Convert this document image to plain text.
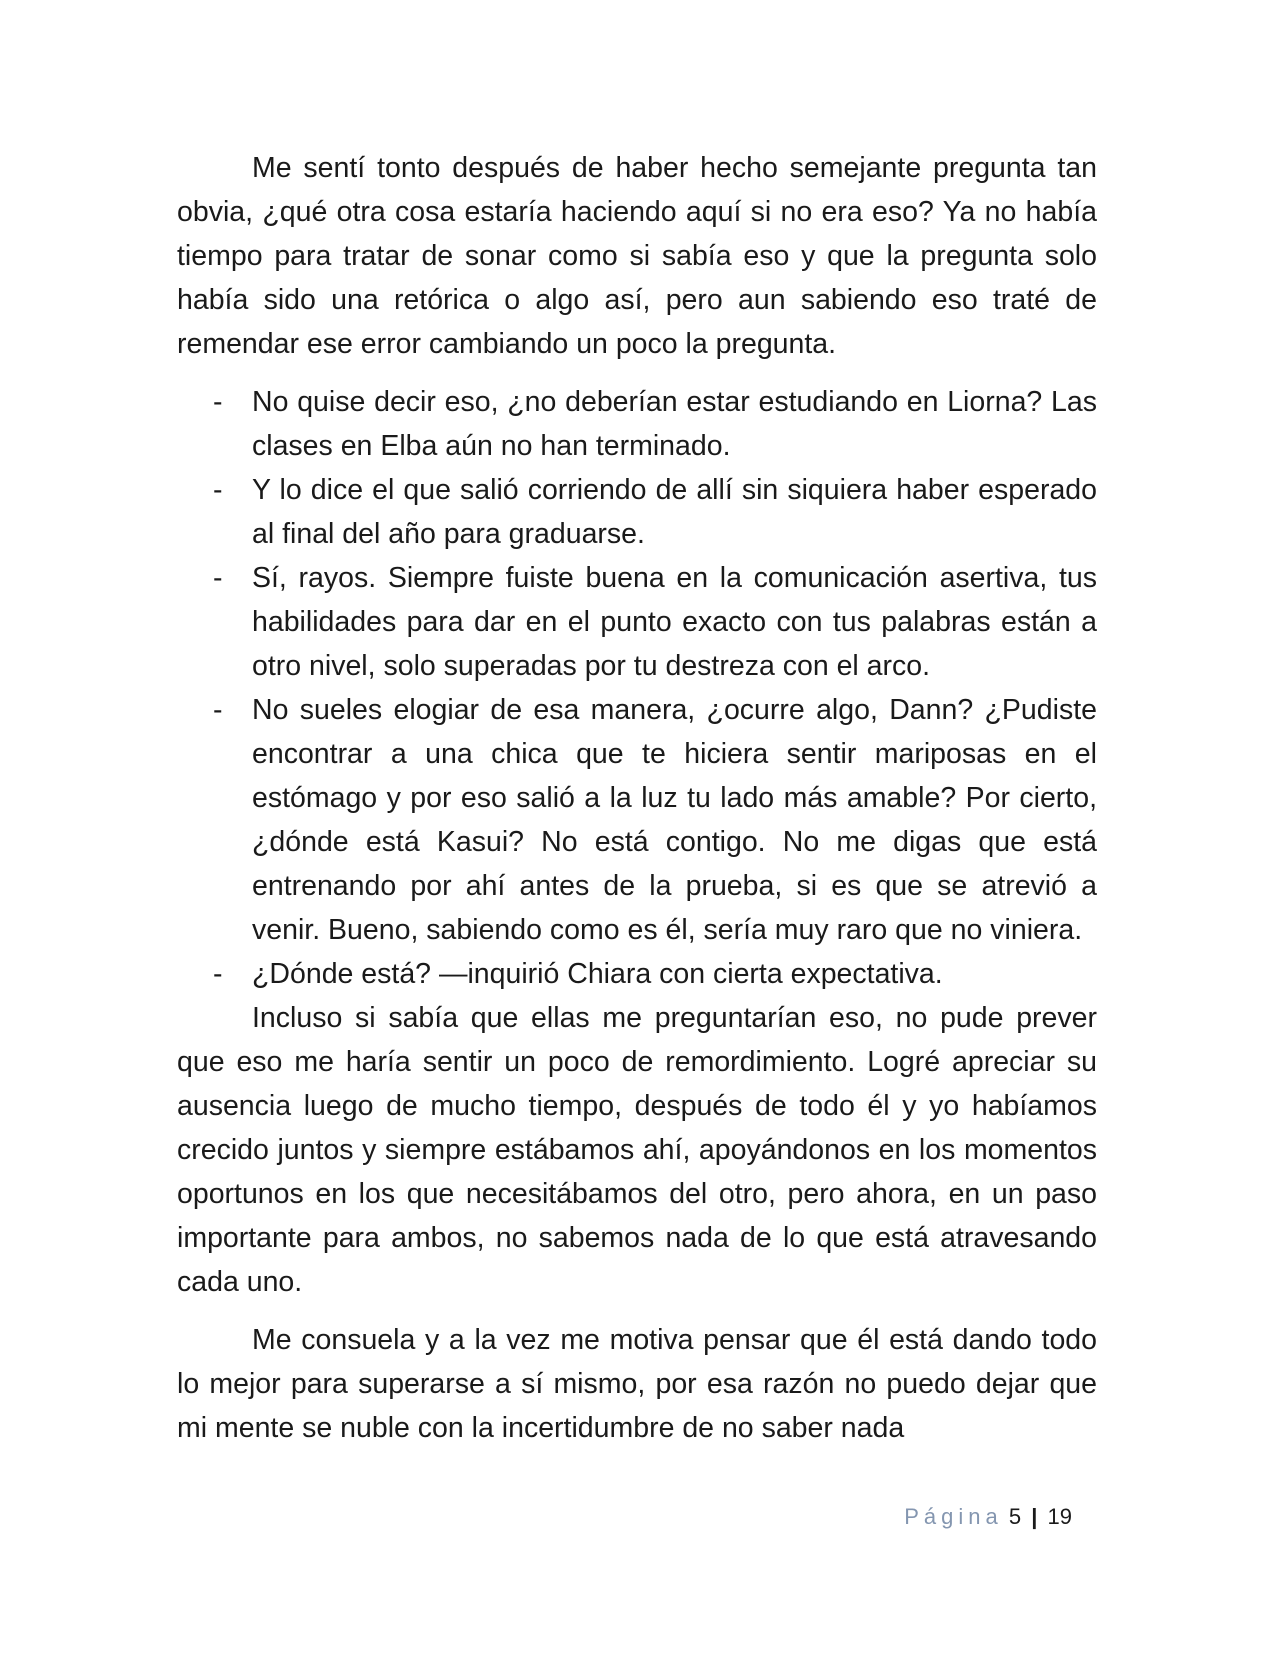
Me sentí tonto después de haber hecho semejante pregunta tan obvia, ¿qué otra cosa estaría haciendo aquí si no era eso? Ya no había tiempo para tratar de sonar como si sabía eso y que la pregunta solo había sido una retórica o algo así, pero aun sabiendo eso traté de remendar ese error cambiando un poco la pregunta.

-	No quise decir eso, ¿no deberían estar estudiando en Liorna? Las clases en Elba aún no han terminado.
-	Y lo dice el que salió corriendo de allí sin siquiera haber esperado al final del año para graduarse.
-	Sí, rayos. Siempre fuiste buena en la comunicación asertiva, tus habilidades para dar en el punto exacto con tus palabras están a otro nivel, solo superadas por tu destreza con el arco.
-	No sueles elogiar de esa manera, ¿ocurre algo, Dann? ¿Pudiste encontrar a una chica que te hiciera sentir mariposas en el estómago y por eso salió a la luz tu lado más amable? Por cierto, ¿dónde está Kasui? No está contigo. No me digas que está entrenando por ahí antes de la prueba, si es que se atrevió a venir. Bueno, sabiendo como es él, sería muy raro que no viniera.
-	¿Dónde está? —inquirió Chiara con cierta expectativa.

Incluso si sabía que ellas me preguntarían eso, no pude prever que eso me haría sentir un poco de remordimiento. Logré apreciar su ausencia luego de mucho tiempo, después de todo él y yo habíamos crecido juntos y siempre estábamos ahí, apoyándonos en los momentos oportunos en los que necesitábamos del otro, pero ahora, en un paso importante para ambos, no sabemos nada de lo que está atravesando cada uno.

Me consuela y a la vez me motiva pensar que él está dando todo lo mejor para superarse a sí mismo, por esa razón no puedo dejar que mi mente se nuble con la incertidumbre de no saber nada

Página 5 | 19
